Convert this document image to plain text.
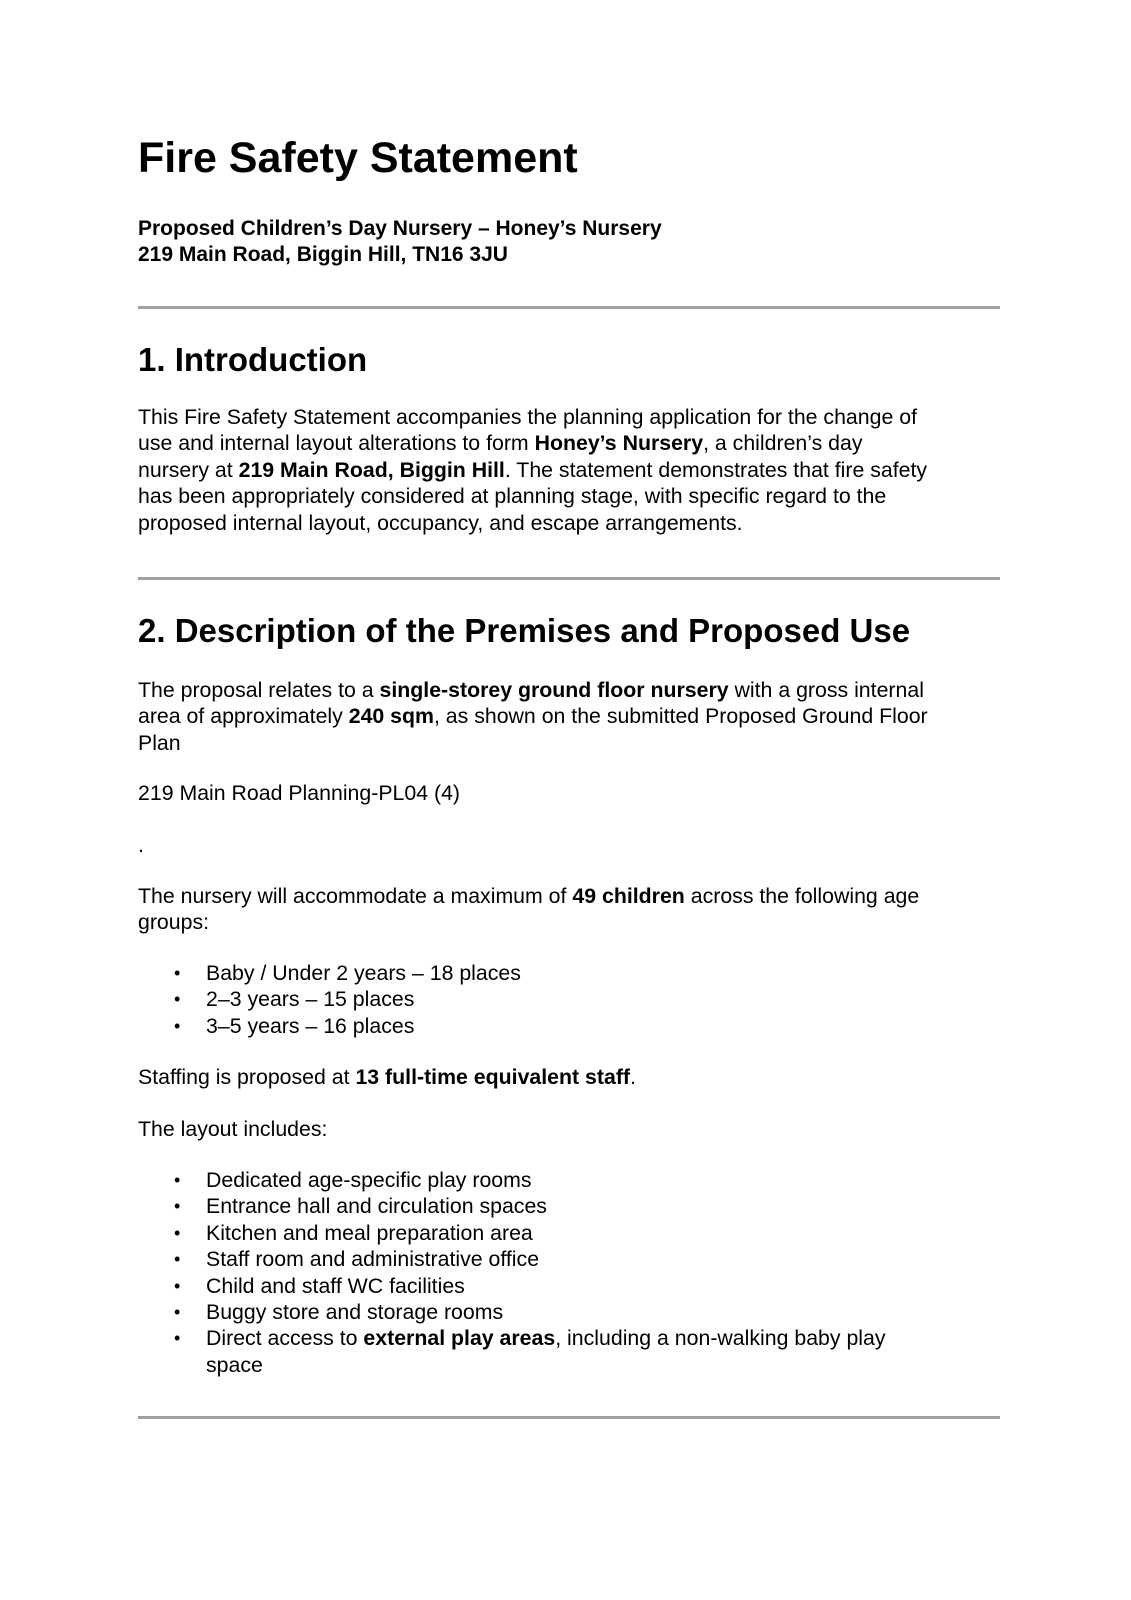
Fire Safety Statement
Proposed Children’s Day Nursery – Honey’s Nursery
219 Main Road, Biggin Hill, TN16 3JU
1. Introduction
This Fire Safety Statement accompanies the planning application for the change of
use and internal layout alterations to form Honey’s Nursery, a children’s day
nursery at 219 Main Road, Biggin Hill. The statement demonstrates that fire safety
has been appropriately considered at planning stage, with specific regard to the
proposed internal layout, occupancy, and escape arrangements.
2. Description of the Premises and Proposed Use
The proposal relates to a single-storey ground floor nursery with a gross internal
area of approximately 240 sqm, as shown on the submitted Proposed Ground Floor
Plan
219 Main Road Planning-PL04 (4)
.
The nursery will accommodate a maximum of 49 children across the following age
groups:
• Baby / Under 2 years – 18 places
• 2–3 years – 15 places
• 3–5 years – 16 places
Staffing is proposed at 13 full-time equivalent staff.
The layout includes:
• Dedicated age-specific play rooms
• Entrance hall and circulation spaces
• Kitchen and meal preparation area
• Staff room and administrative office
• Child and staff WC facilities
• Buggy store and storage rooms
• Direct access to external play areas, including a non-walking baby play
space
